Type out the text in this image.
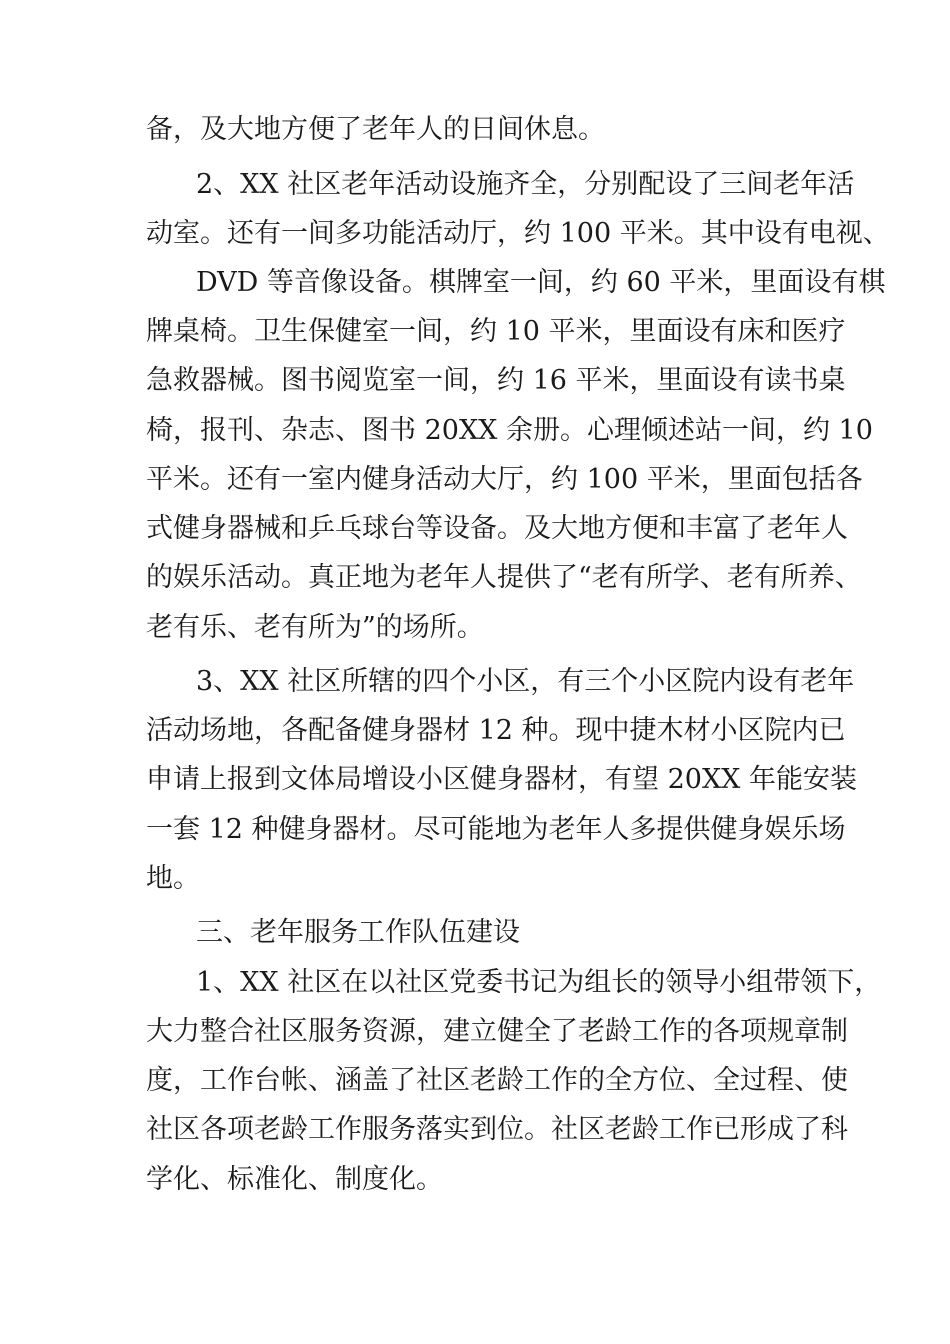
备，及大地方便了老年人的日间休息。
2、XX 社区老年活动设施齐全，分别配设了三间老年活
动室。还有一间多功能活动厅，约 100 平米。其中设有电视、
DVD 等音像设备。棋牌室一间，约 60 平米，里面设有棋
牌桌椅。卫生保健室一间，约 10 平米，里面设有床和医疗
急救器械。图书阅览室一间，约 16 平米，里面设有读书桌
椅，报刊、杂志、图书 20XX 余册。心理倾述站一间，约 10
平米。还有一室内健身活动大厅，约 100 平米，里面包括各
式健身器械和乒乓球台等设备。及大地方便和丰富了老年人
的娱乐活动。真正地为老年人提供了“老有所学、老有所养、
老有乐、老有所为”的场所。
3、XX 社区所辖的四个小区，有三个小区院内设有老年
活动场地，各配备健身器材 12 种。现中捷木材小区院内已
申请上报到文体局增设小区健身器材，有望 20XX 年能安装
一套 12 种健身器材。尽可能地为老年人多提供健身娱乐场
地。
三、老年服务工作队伍建设
1、XX 社区在以社区党委书记为组长的领导小组带领下，
大力整合社区服务资源，建立健全了老龄工作的各项规章制
度，工作台帐、涵盖了社区老龄工作的全方位、全过程、使
社区各项老龄工作服务落实到位。社区老龄工作已形成了科
学化、标准化、制度化。
